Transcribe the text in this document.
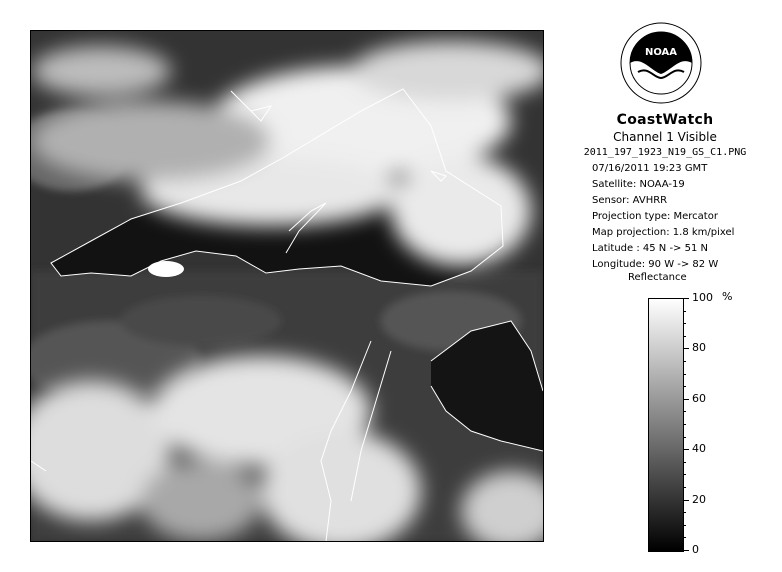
NOAA
CoastWatch
Channel 1 Visible
2011_197_1923_N19_GS_C1.PNG
07/16/2011 19:23 GMT
Satellite: NOAA-19
Sensor: AVHRR
Projection type: Mercator
Map projection: 1.8 km/pixel
Latitude : 45 N -> 51 N
Longitude: 90 W -> 82 W
Reflectance
%
0
20
40
60
80
100
